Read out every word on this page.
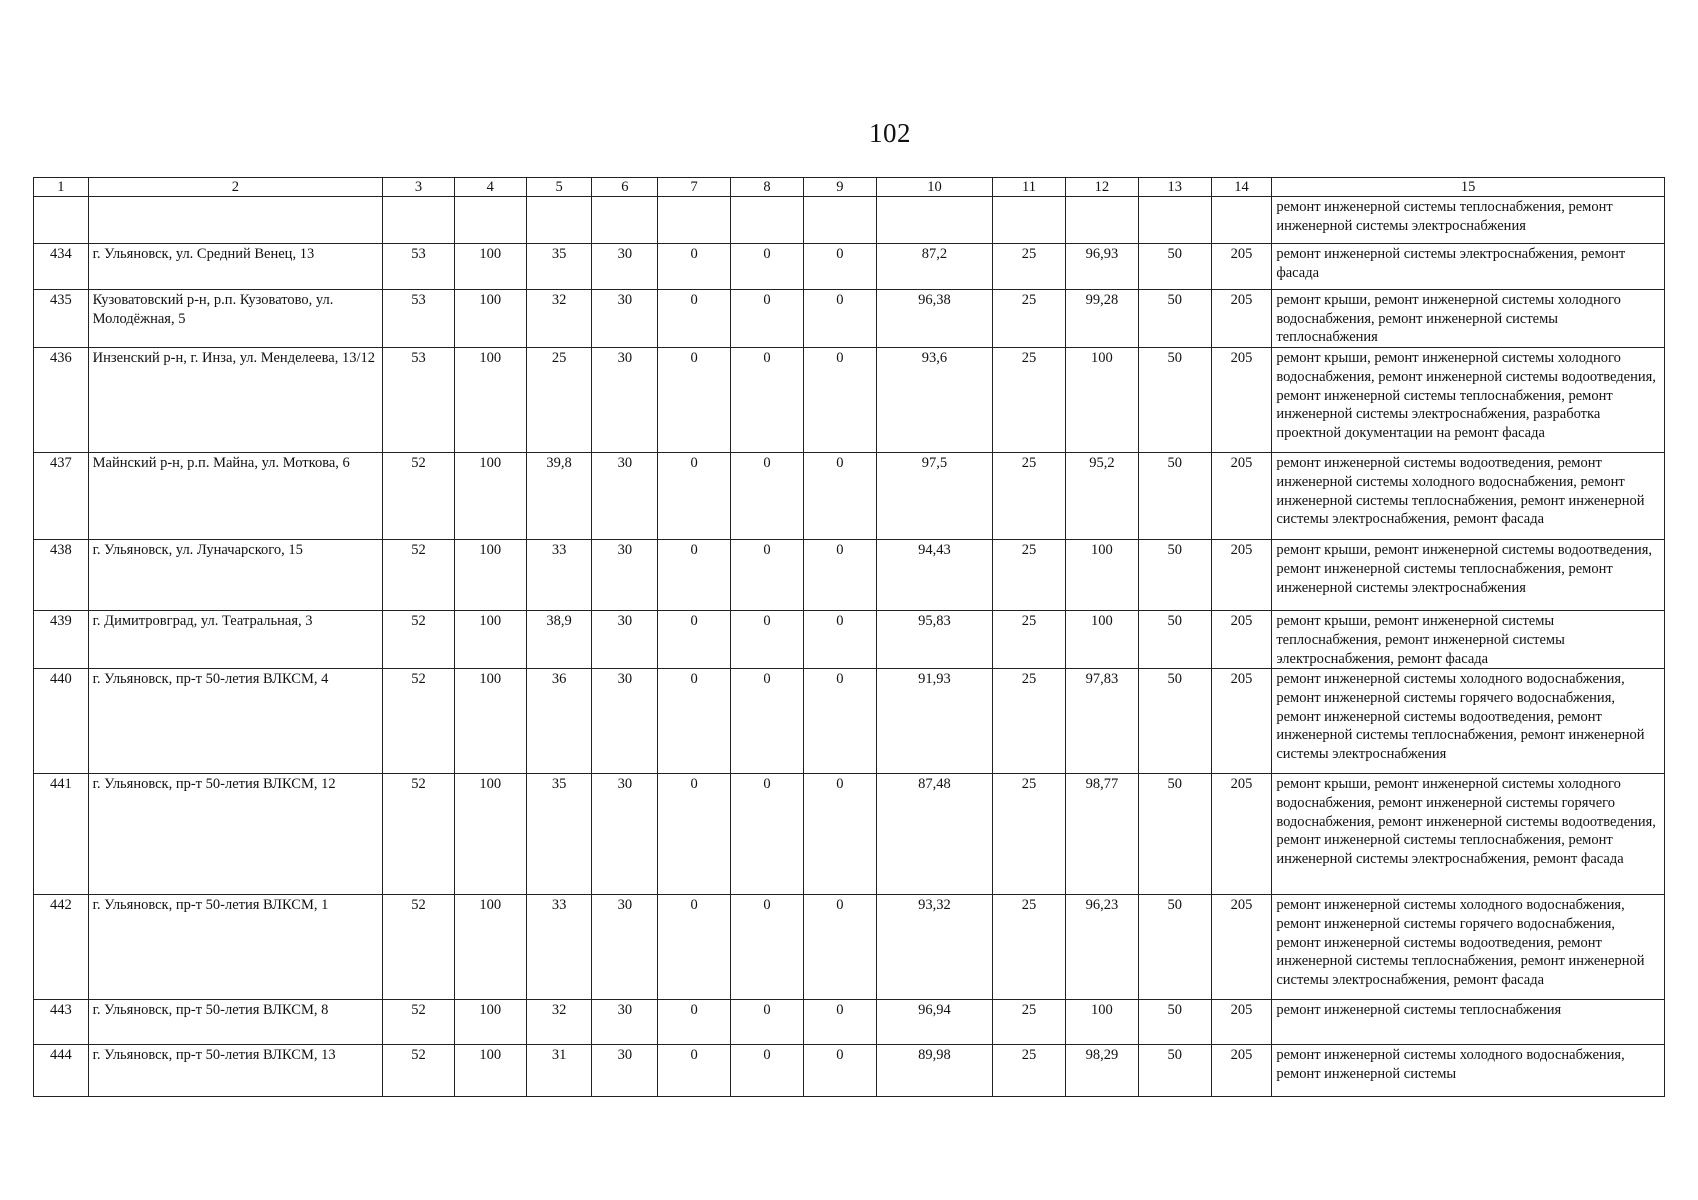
102
1	2	3	4	5	6	7	8	9	10	11	12	13	14	15
														ремонт инженерной системы теплоснабжения, ремонт инженерной системы электроснабжения
434	г. Ульяновск, ул. Средний Венец, 13	53	100	35	30	0	0	0	87,2	25	96,93	50	205	ремонт инженерной системы электроснабжения, ремонт фасада
435	Кузоватовский р-н, р.п. Кузоватово, ул. Молодёжная, 5	53	100	32	30	0	0	0	96,38	25	99,28	50	205	ремонт крыши, ремонт инженерной системы холодного водоснабжения, ремонт инженерной системы теплоснабжения
436	Инзенский р-н, г. Инза, ул. Менделеева, 13/12	53	100	25	30	0	0	0	93,6	25	100	50	205	ремонт крыши, ремонт инженерной системы холодного водоснабжения, ремонт инженерной системы водоотведения, ремонт инженерной системы теплоснабжения, ремонт инженерной системы электроснабжения, разработка проектной документации на ремонт фасада
437	Майнский р-н, р.п. Майна, ул. Моткова, 6	52	100	39,8	30	0	0	0	97,5	25	95,2	50	205	ремонт инженерной системы водоотведения, ремонт инженерной системы холодного водоснабжения, ремонт инженерной системы теплоснабжения, ремонт инженерной системы электроснабжения, ремонт фасада
438	г. Ульяновск, ул. Луначарского, 15	52	100	33	30	0	0	0	94,43	25	100	50	205	ремонт крыши, ремонт инженерной системы водоотведения, ремонт инженерной системы теплоснабжения, ремонт инженерной системы электроснабжения
439	г. Димитровград, ул. Театральная, 3	52	100	38,9	30	0	0	0	95,83	25	100	50	205	ремонт крыши, ремонт инженерной системы теплоснабжения, ремонт инженерной системы электроснабжения, ремонт фасада
440	г. Ульяновск, пр-т 50-летия ВЛКСМ, 4	52	100	36	30	0	0	0	91,93	25	97,83	50	205	ремонт инженерной системы холодного водоснабжения, ремонт инженерной системы горячего водоснабжения, ремонт инженерной системы водоотведения, ремонт инженерной системы теплоснабжения, ремонт инженерной системы электроснабжения
441	г. Ульяновск, пр-т 50-летия ВЛКСМ, 12	52	100	35	30	0	0	0	87,48	25	98,77	50	205	ремонт крыши, ремонт инженерной системы холодного водоснабжения, ремонт инженерной системы горячего водоснабжения, ремонт инженерной системы водоотведения, ремонт инженерной системы теплоснабжения, ремонт инженерной системы электроснабжения, ремонт фасада
442	г. Ульяновск, пр-т 50-летия ВЛКСМ, 1	52	100	33	30	0	0	0	93,32	25	96,23	50	205	ремонт инженерной системы холодного водоснабжения, ремонт инженерной системы горячего водоснабжения, ремонт инженерной системы водоотведения, ремонт инженерной системы теплоснабжения, ремонт инженерной системы электроснабжения, ремонт фасада
443	г. Ульяновск, пр-т 50-летия ВЛКСМ, 8	52	100	32	30	0	0	0	96,94	25	100	50	205	ремонт инженерной системы теплоснабжения
444	г. Ульяновск, пр-т 50-летия ВЛКСМ, 13	52	100	31	30	0	0	0	89,98	25	98,29	50	205	ремонт инженерной системы холодного водоснабжения, ремонт инженерной системы
